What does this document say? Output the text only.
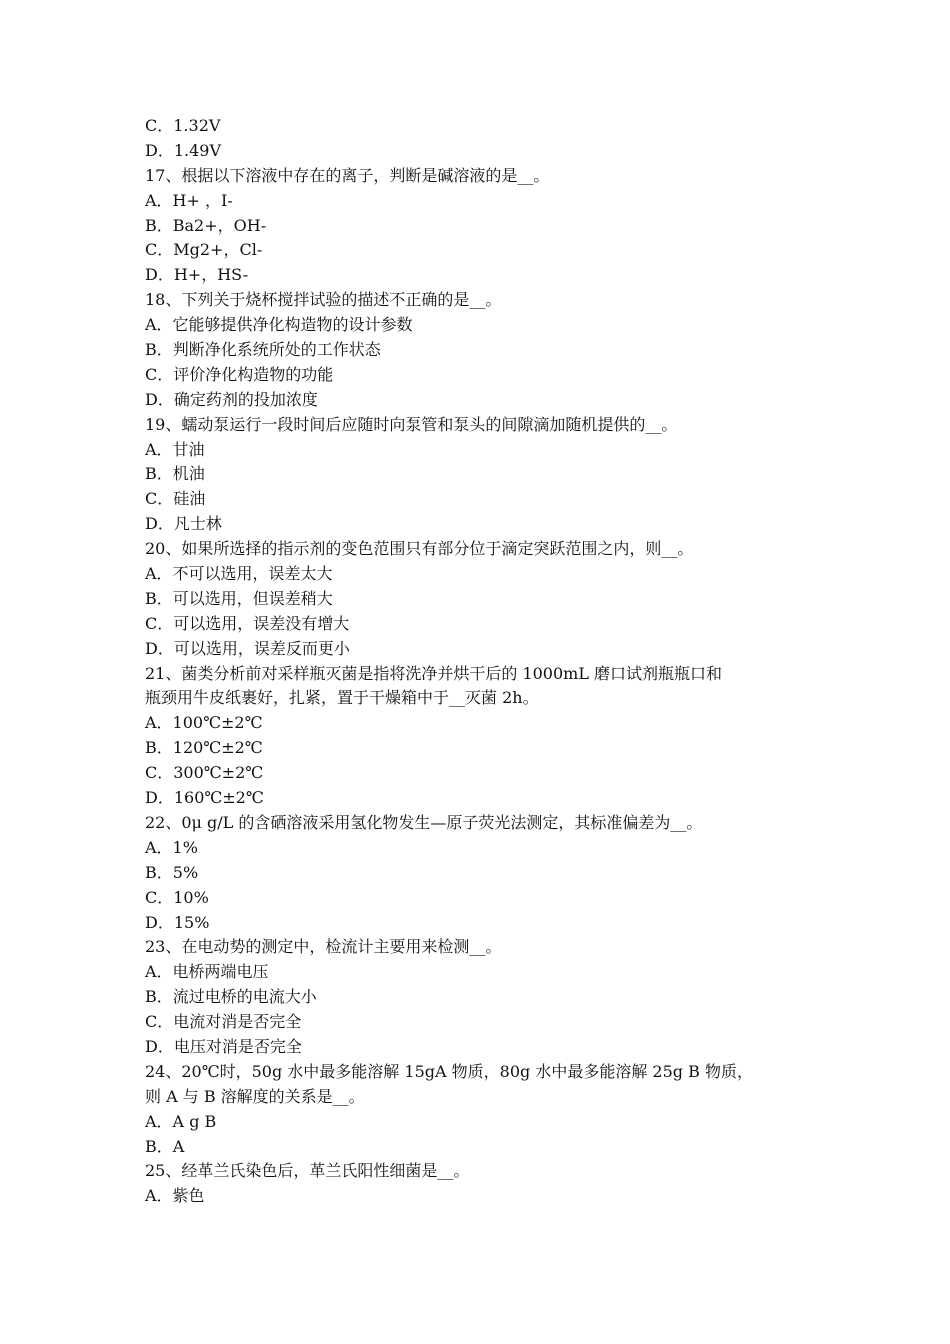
C．1.32V
D．1.49V
17、根据以下溶液中存在的离子，判断是碱溶液的是__。
A．H+ ，I-
B．Ba2+，OH-
C．Mg2+，Cl-
D．H+，HS-
18、下列关于烧杯搅拌试验的描述不正确的是__。
A．它能够提供净化构造物的设计参数
B．判断净化系统所处的工作状态
C．评价净化构造物的功能
D．确定药剂的投加浓度
19、蠕动泵运行一段时间后应随时向泵管和泵头的间隙滴加随机提供的__。
A．甘油
B．机油
C．硅油
D．凡士林
20、如果所选择的指示剂的变色范围只有部分位于滴定突跃范围之内，则__。
A．不可以选用，误差太大
B．可以选用，但误差稍大
C．可以选用，误差没有增大
D．可以选用，误差反而更小
21、菌类分析前对采样瓶灭菌是指将洗净并烘干后的 1000mL 磨口试剂瓶瓶口和
瓶颈用牛皮纸裹好，扎紧，置于干燥箱中于__灭菌 2h。
A．100℃±2℃
B．120℃±2℃
C．300℃±2℃
D．160℃±2℃
22、0μ g/L 的含硒溶液采用氢化物发生—原子荧光法测定，其标准偏差为__。
A．1%
B．5%
C．10%
D．15%
23、在电动势的测定中，检流计主要用来检测__。
A．电桥两端电压
B．流过电桥的电流大小
C．电流对消是否完全
D．电压对消是否完全
24、20℃时，50g 水中最多能溶解 15gA 物质，80g 水中最多能溶解 25g B 物质，
则 A 与 B 溶解度的关系是__。
A．A g B
B．A
25、经革兰氏染色后，革兰氏阳性细菌是__。
A．紫色
